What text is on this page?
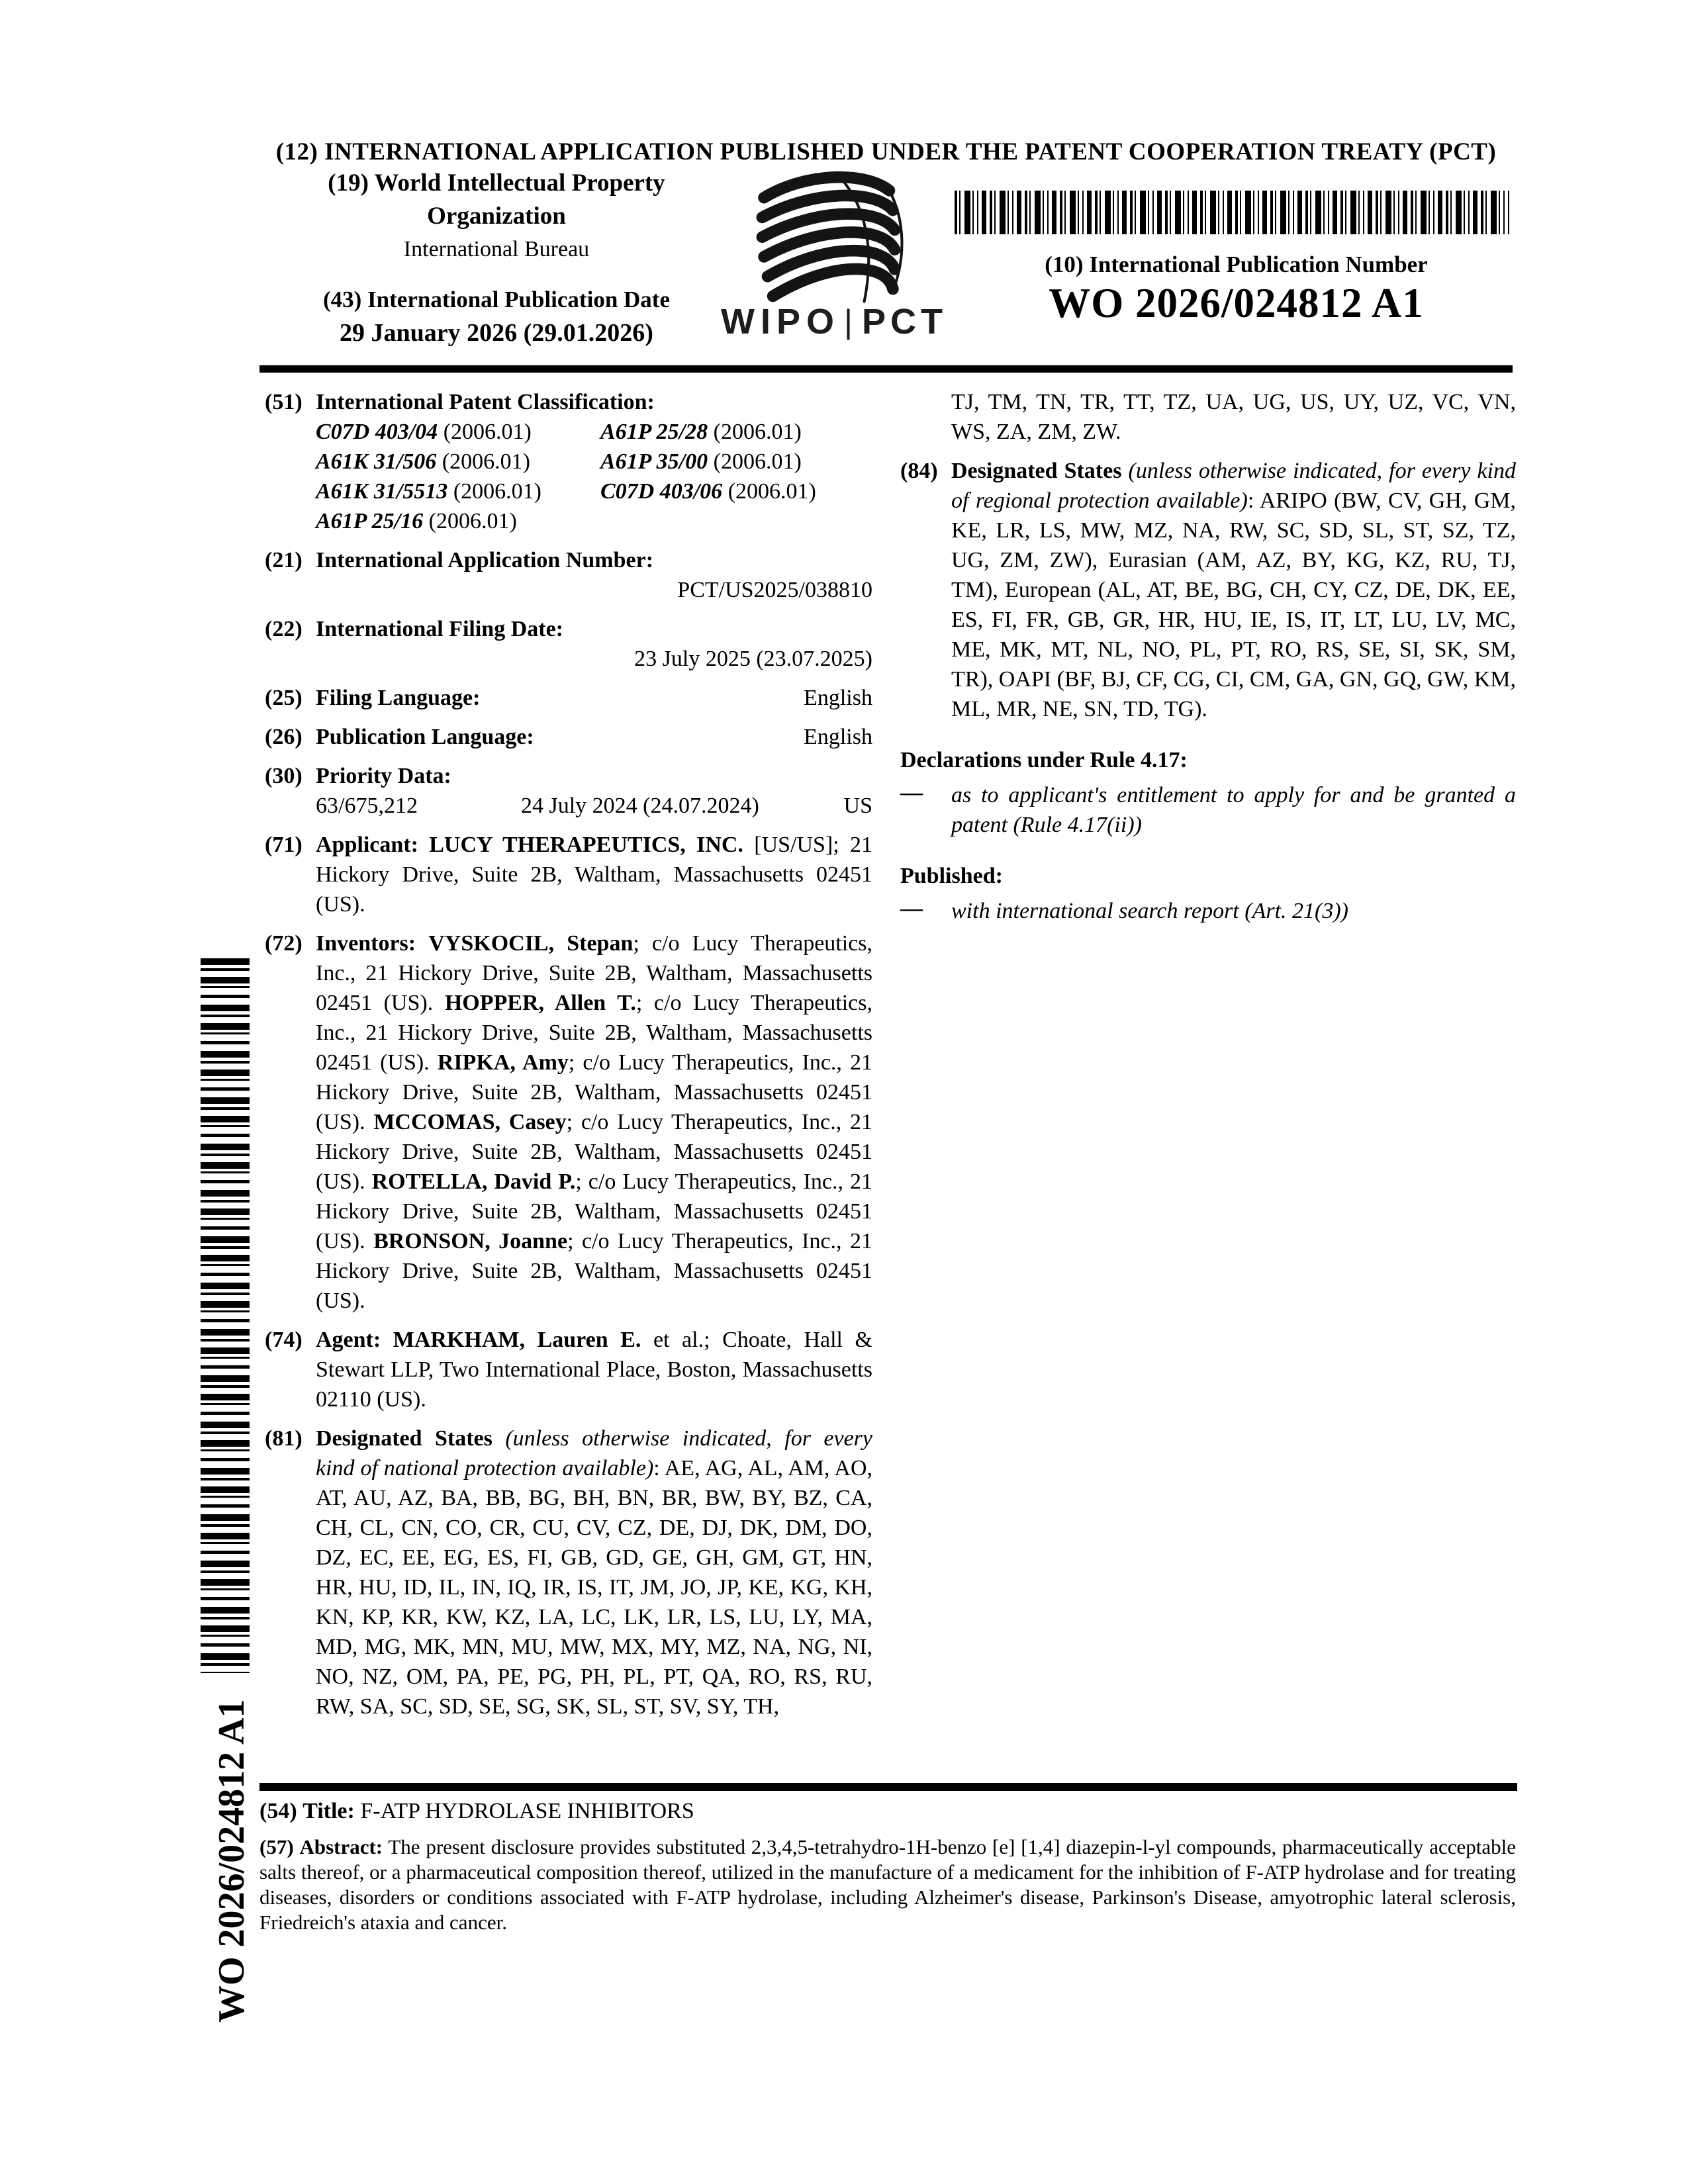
(12) INTERNATIONAL APPLICATION PUBLISHED UNDER THE PATENT COOPERATION TREATY (PCT)
(19) World Intellectual Property
Organization
International Bureau
(43) International Publication Date
29 January 2026 (29.01.2026)	WIPO | PCT
(10) International Publication Number
WO 2026/024812 A1
(51) International Patent Classification:
C07D 403/04 (2006.01)	A61P 25/28 (2006.01)
A61K 31/506 (2006.01)	A61P 35/00 (2006.01)
A61K 31/5513 (2006.01)	C07D 403/06 (2006.01)
A61P 25/16 (2006.01)
(21) International Application Number:
PCT/US2025/038810
(22) International Filing Date:
23 July 2025 (23.07.2025)
(25) Filing Language:	English
(26) Publication Language:	English
(30) Priority Data:
63/675,212	24 July 2024 (24.07.2024)	US
(71) Applicant: LUCY THERAPEUTICS, INC. [US/US]; 21 Hickory Drive, Suite 2B, Waltham, Massachusetts 02451 (US).
(72) Inventors: VYSKOCIL, Stepan; c/o Lucy Therapeutics, Inc., 21 Hickory Drive, Suite 2B, Waltham, Massachusetts 02451 (US). HOPPER, Allen T.; c/o Lucy Therapeutics, Inc., 21 Hickory Drive, Suite 2B, Waltham, Massachusetts 02451 (US). RIPKA, Amy; c/o Lucy Therapeutics, Inc., 21 Hickory Drive, Suite 2B, Waltham, Massachusetts 02451 (US). MCCOMAS, Casey; c/o Lucy Therapeutics, Inc., 21 Hickory Drive, Suite 2B, Waltham, Massachusetts 02451 (US). ROTELLA, David P.; c/o Lucy Therapeutics, Inc., 21 Hickory Drive, Suite 2B, Waltham, Massachusetts 02451 (US). BRONSON, Joanne; c/o Lucy Therapeutics, Inc., 21 Hickory Drive, Suite 2B, Waltham, Massachusetts 02451 (US).
(74) Agent: MARKHAM, Lauren E. et al.; Choate, Hall & Stewart LLP, Two International Place, Boston, Massachusetts 02110 (US).
(81) Designated States (unless otherwise indicated, for every kind of national protection available): AE, AG, AL, AM, AO, AT, AU, AZ, BA, BB, BG, BH, BN, BR, BW, BY, BZ, CA, CH, CL, CN, CO, CR, CU, CV, CZ, DE, DJ, DK, DM, DO, DZ, EC, EE, EG, ES, FI, GB, GD, GE, GH, GM, GT, HN, HR, HU, ID, IL, IN, IQ, IR, IS, IT, JM, JO, JP, KE, KG, KH, KN, KP, KR, KW, KZ, LA, LC, LK, LR, LS, LU, LY, MA, MD, MG, MK, MN, MU, MW, MX, MY, MZ, NA, NG, NI, NO, NZ, OM, PA, PE, PG, PH, PL, PT, QA, RO, RS, RU, RW, SA, SC, SD, SE, SG, SK, SL, ST, SV, SY, TH,
TJ, TM, TN, TR, TT, TZ, UA, UG, US, UY, UZ, VC, VN, WS, ZA, ZM, ZW.
(84) Designated States (unless otherwise indicated, for every kind of regional protection available): ARIPO (BW, CV, GH, GM, KE, LR, LS, MW, MZ, NA, RW, SC, SD, SL, ST, SZ, TZ, UG, ZM, ZW), Eurasian (AM, AZ, BY, KG, KZ, RU, TJ, TM), European (AL, AT, BE, BG, CH, CY, CZ, DE, DK, EE, ES, FI, FR, GB, GR, HR, HU, IE, IS, IT, LT, LU, LV, MC, ME, MK, MT, NL, NO, PL, PT, RO, RS, SE, SI, SK, SM, TR), OAPI (BF, BJ, CF, CG, CI, CM, GA, GN, GQ, GW, KM, ML, MR, NE, SN, TD, TG).
Declarations under Rule 4.17:
— as to applicant's entitlement to apply for and be granted a patent (Rule 4.17(ii))
Published:
— with international search report (Art. 21(3))
(54) Title: F-ATP HYDROLASE INHIBITORS
(57) Abstract: The present disclosure provides substituted 2,3,4,5-tetrahydro-1H-benzo [e] [1,4] diazepin-l-yl compounds, pharmaceutically acceptable salts thereof, or a pharmaceutical composition thereof, utilized in the manufacture of a medicament for the inhibition of F-ATP hydrolase and for treating diseases, disorders or conditions associated with F-ATP hydrolase, including Alzheimer's disease, Parkinson's Disease, amyotrophic lateral sclerosis, Friedreich's ataxia and cancer.
WO 2026/024812 A1
